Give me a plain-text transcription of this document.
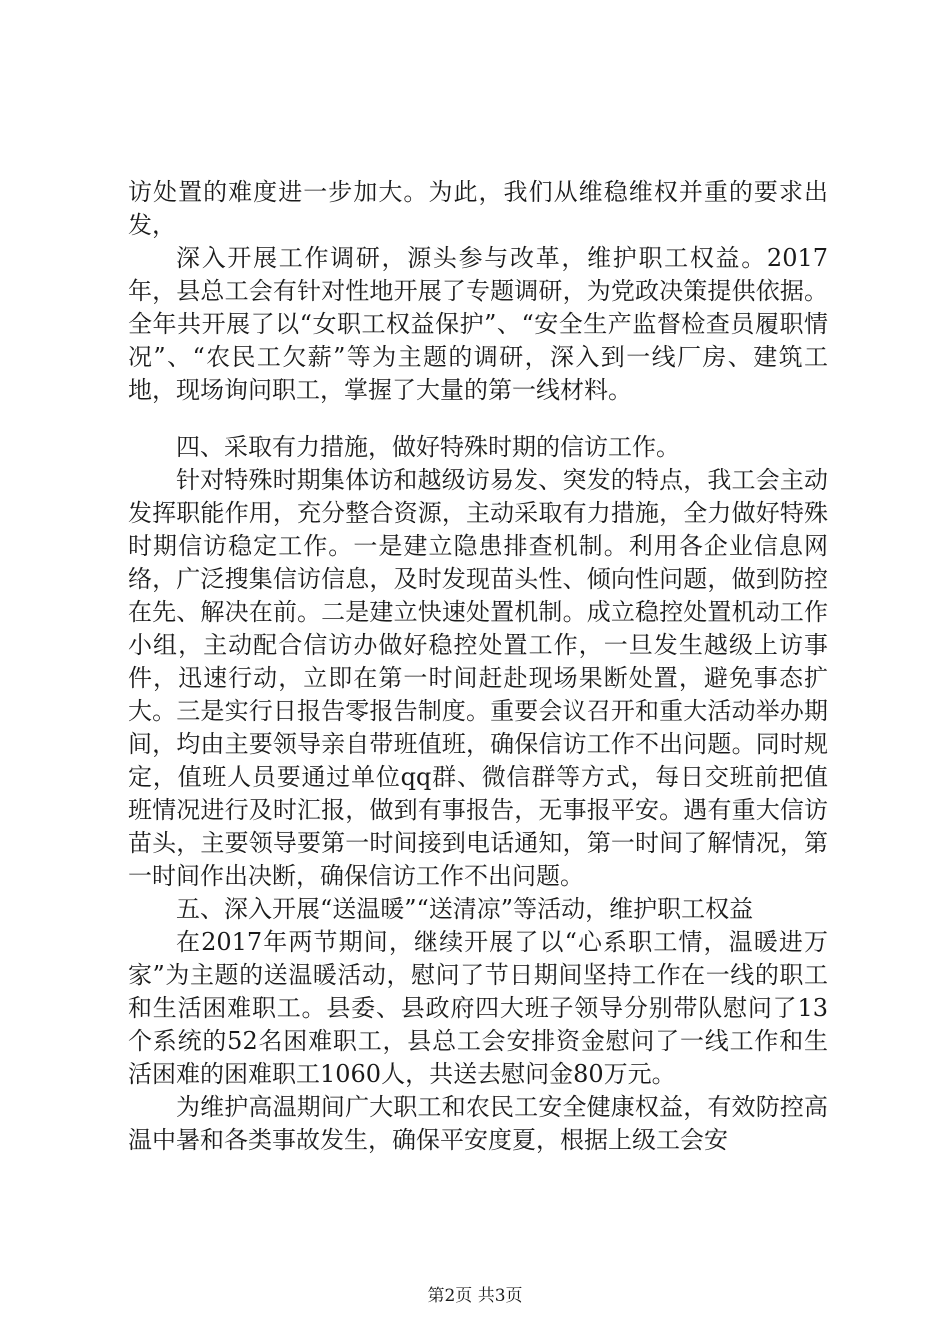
访处置的难度进一步加大。为此，我们从维稳维权并重的要求出发，

深入开展工作调研，源头参与改革，维护职工权益。2017年，县总工会有针对性地开展了专题调研，为党政决策提供依据。全年共开展了以“女职工权益保护”、“安全生产监督检查员履职情况”、“农民工欠薪”等为主题的调研，深入到一线厂房、建筑工地，现场询问职工，掌握了大量的第一线材料。

四、采取有力措施，做好特殊时期的信访工作。

针对特殊时期集体访和越级访易发、突发的特点，我工会主动发挥职能作用，充分整合资源，主动采取有力措施，全力做好特殊时期信访稳定工作。一是建立隐患排查机制。利用各企业信息网络，广泛搜集信访信息，及时发现苗头性、倾向性问题，做到防控在先、解决在前。二是建立快速处置机制。成立稳控处置机动工作小组，主动配合信访办做好稳控处置工作，一旦发生越级上访事件，迅速行动，立即在第一时间赶赴现场果断处置，避免事态扩大。三是实行日报告零报告制度。重要会议召开和重大活动举办期间，均由主要领导亲自带班值班，确保信访工作不出问题。同时规定，值班人员要通过单位qq群、微信群等方式，每日交班前把值班情况进行及时汇报，做到有事报告，无事报平安。遇有重大信访苗头，主要领导要第一时间接到电话通知，第一时间了解情况，第一时间作出决断，确保信访工作不出问题。

五、深入开展“送温暖”“送清凉”等活动，维护职工权益

在2017年两节期间，继续开展了以“心系职工情，温暖进万家”为主题的送温暖活动，慰问了节日期间坚持工作在一线的职工和生活困难职工。县委、县政府四大班子领导分别带队慰问了13个系统的52名困难职工，县总工会安排资金慰问了一线工作和生活困难的困难职工1060人，共送去慰问金80万元。

为维护高温期间广大职工和农民工安全健康权益，有效防控高温中暑和各类事故发生，确保平安度夏，根据上级工会安

第2页 共3页
